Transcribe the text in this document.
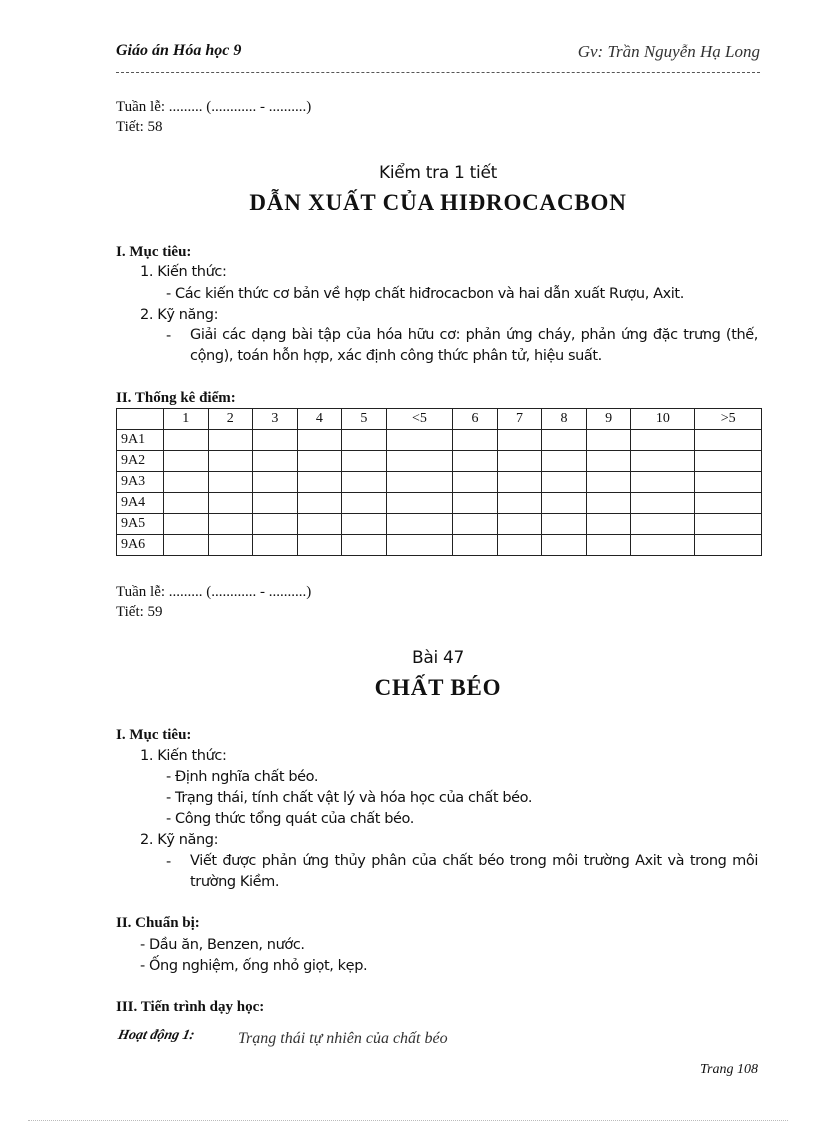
Giáo án Hóa học 9	Gv: Trần Nguyễn Hạ Long
Tuần lễ: ......... (............ - ..........)
Tiết: 58
Kiểm tra 1 tiết
DẪN XUẤT CỦA HIĐROCACBON
I. Mục tiêu:
1. Kiến thức:
- Các kiến thức cơ bản về hợp chất hiđrocacbon và hai dẫn xuất Rượu, Axit.
2. Kỹ năng:
- Giải các dạng bài tập của hóa hữu cơ: phản ứng cháy, phản ứng đặc trưng (thế, cộng), toán hỗn hợp, xác định công thức phân tử, hiệu suất.
II. Thống kê điểm:
	1	2	3	4	5	<5	6	7	8	9	10	>5
9A1												
9A2												
9A3												
9A4												
9A5												
9A6												
Tuần lễ: ......... (............ - ..........)
Tiết: 59
Bài 47
CHẤT BÉO
I. Mục tiêu:
1. Kiến thức:
- Định nghĩa chất béo.
- Trạng thái, tính chất vật lý và hóa học của chất béo.
- Công thức tổng quát của chất béo.
2. Kỹ năng:
- Viết được phản ứng thủy phân của chất béo trong môi trường Axit và trong môi trường Kiềm.
II. Chuẩn bị:
- Dầu ăn, Benzen, nước.
- Ống nghiệm, ống nhỏ giọt, kẹp.
III. Tiến trình dạy học:
Hoạt động 1:	Trạng thái tự nhiên của chất béo
Trang 108
